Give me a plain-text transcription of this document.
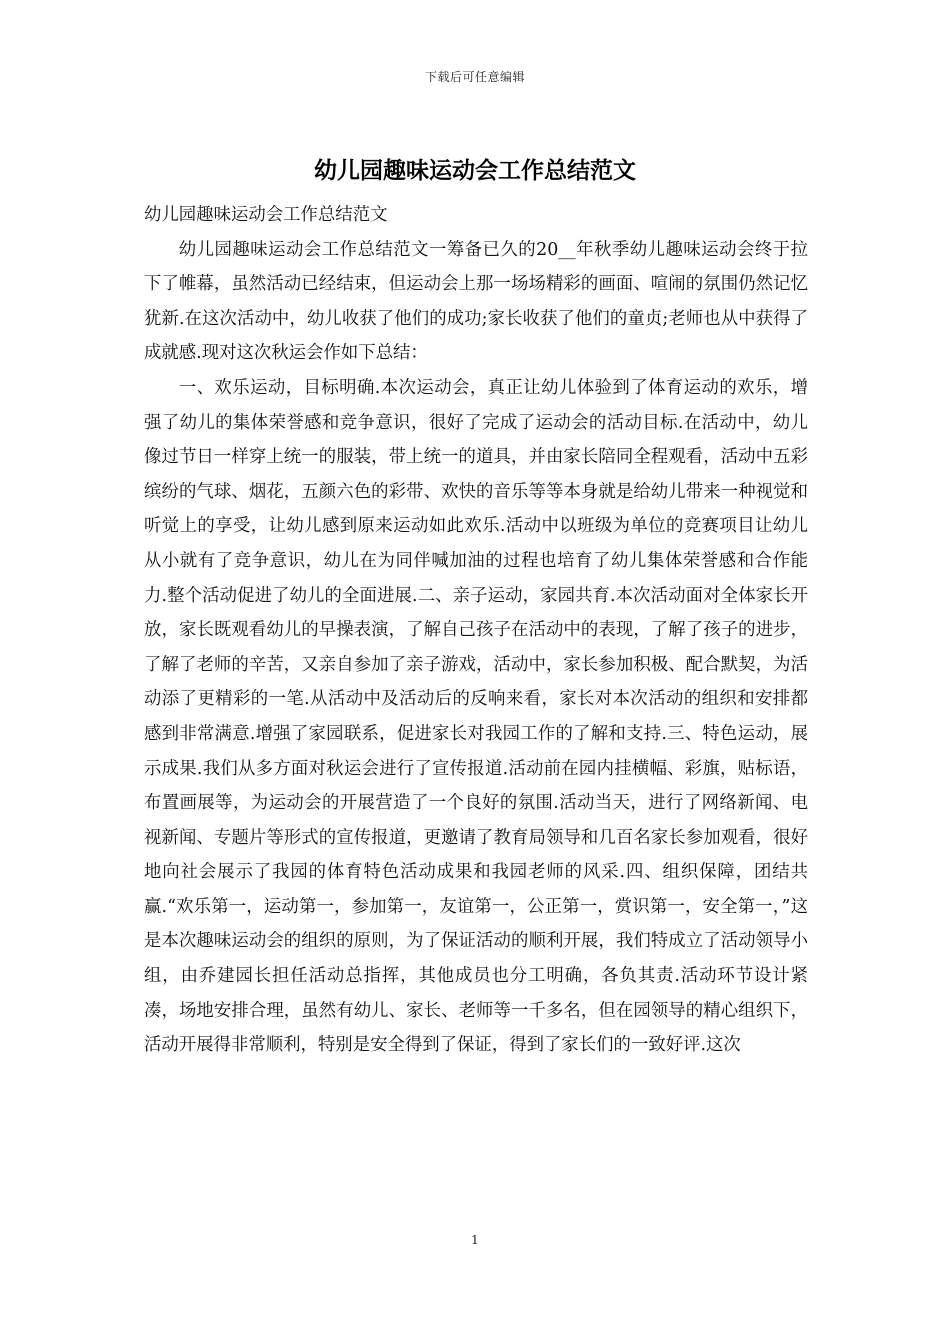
下载后可任意编辑
幼儿园趣味运动会工作总结范文

幼儿园趣味运动会工作总结范文

幼儿园趣味运动会工作总结范文一筹备已久的20__年秋季幼儿趣味运动会终于拉下了帷幕，虽然活动已经结束，但运动会上那一场场精彩的画面、喧闹的氛围仍然记忆犹新.在这次活动中，幼儿收获了他们的成功;家长收获了他们的童贞;老师也从中获得了成就感.现对这次秋运会作如下总结：

一、欢乐运动，目标明确.本次运动会，真正让幼儿体验到了体育运动的欢乐，增强了幼儿的集体荣誉感和竞争意识，很好了完成了运动会的活动目标.在活动中，幼儿像过节日一样穿上统一的服装，带上统一的道具，并由家长陪同全程观看，活动中五彩缤纷的气球、烟花，五颜六色的彩带、欢快的音乐等等本身就是给幼儿带来一种视觉和听觉上的享受，让幼儿感到原来运动如此欢乐.活动中以班级为单位的竞赛项目让幼儿从小就有了竞争意识，幼儿在为同伴喊加油的过程也培育了幼儿集体荣誉感和合作能力.整个活动促进了幼儿的全面进展.二、亲子运动，家园共育.本次活动面对全体家长开放，家长既观看幼儿的早操表演，了解自己孩子在活动中的表现，了解了孩子的进步，了解了老师的辛苦，又亲自参加了亲子游戏，活动中，家长参加积极、配合默契，为活动添了更精彩的一笔.从活动中及活动后的反响来看，家长对本次活动的组织和安排都感到非常满意.增强了家园联系，促进家长对我园工作的了解和支持.三、特色运动，展示成果.我们从多方面对秋运会进行了宣传报道.活动前在园内挂横幅、彩旗，贴标语，布置画展等，为运动会的开展营造了一个良好的氛围.活动当天，进行了网络新闻、电视新闻、专题片等形式的宣传报道，更邀请了教育局领导和几百名家长参加观看，很好地向社会展示了我园的体育特色活动成果和我园老师的风采.四、组织保障，团结共赢.“欢乐第一，运动第一，参加第一，友谊第一，公正第一，赏识第一，安全第一，”这是本次趣味运动会的组织的原则，为了保证活动的顺利开展，我们特成立了活动领导小组，由乔建园长担任活动总指挥，其他成员也分工明确，各负其责.活动环节设计紧凑，场地安排合理，虽然有幼儿、家长、老师等一千多名，但在园领导的精心组织下，活动开展得非常顺利，特别是安全得到了保证，得到了家长们的一致好评.这次

1
